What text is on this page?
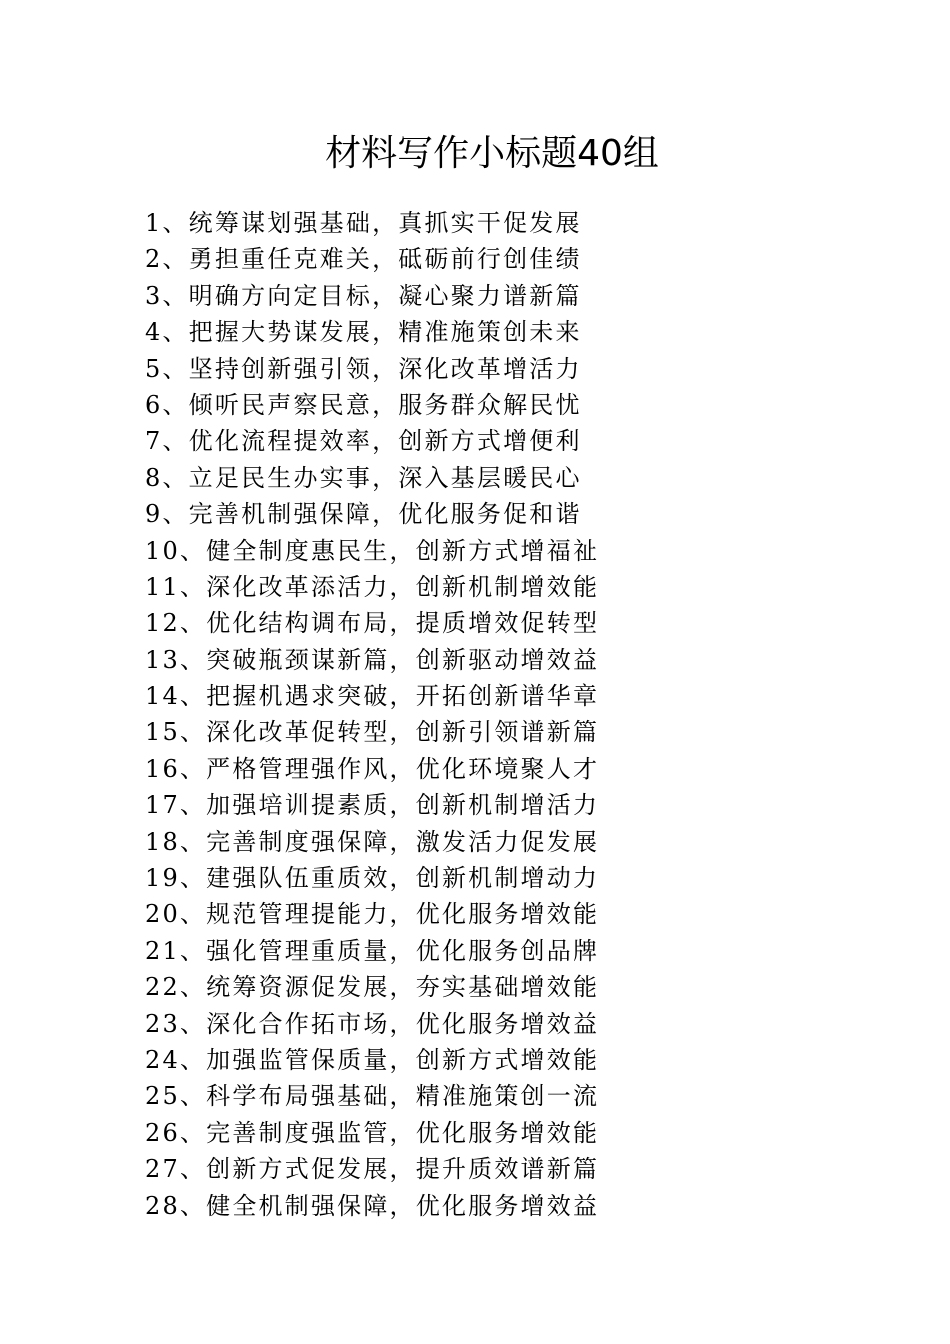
材料写作小标题40组
1、统筹谋划强基础，真抓实干促发展
2、勇担重任克难关，砥砺前行创佳绩
3、明确方向定目标，凝心聚力谱新篇
4、把握大势谋发展，精准施策创未来
5、坚持创新强引领，深化改革增活力
6、倾听民声察民意，服务群众解民忧
7、优化流程提效率，创新方式增便利
8、立足民生办实事，深入基层暖民心
9、完善机制强保障，优化服务促和谐
10、健全制度惠民生，创新方式增福祉
11、深化改革添活力，创新机制增效能
12、优化结构调布局，提质增效促转型
13、突破瓶颈谋新篇，创新驱动增效益
14、把握机遇求突破，开拓创新谱华章
15、深化改革促转型，创新引领谱新篇
16、严格管理强作风，优化环境聚人才
17、加强培训提素质，创新机制增活力
18、完善制度强保障，激发活力促发展
19、建强队伍重质效，创新机制增动力
20、规范管理提能力，优化服务增效能
21、强化管理重质量，优化服务创品牌
22、统筹资源促发展，夯实基础增效能
23、深化合作拓市场，优化服务增效益
24、加强监管保质量，创新方式增效能
25、科学布局强基础，精准施策创一流
26、完善制度强监管，优化服务增效能
27、创新方式促发展，提升质效谱新篇
28、健全机制强保障，优化服务增效益
